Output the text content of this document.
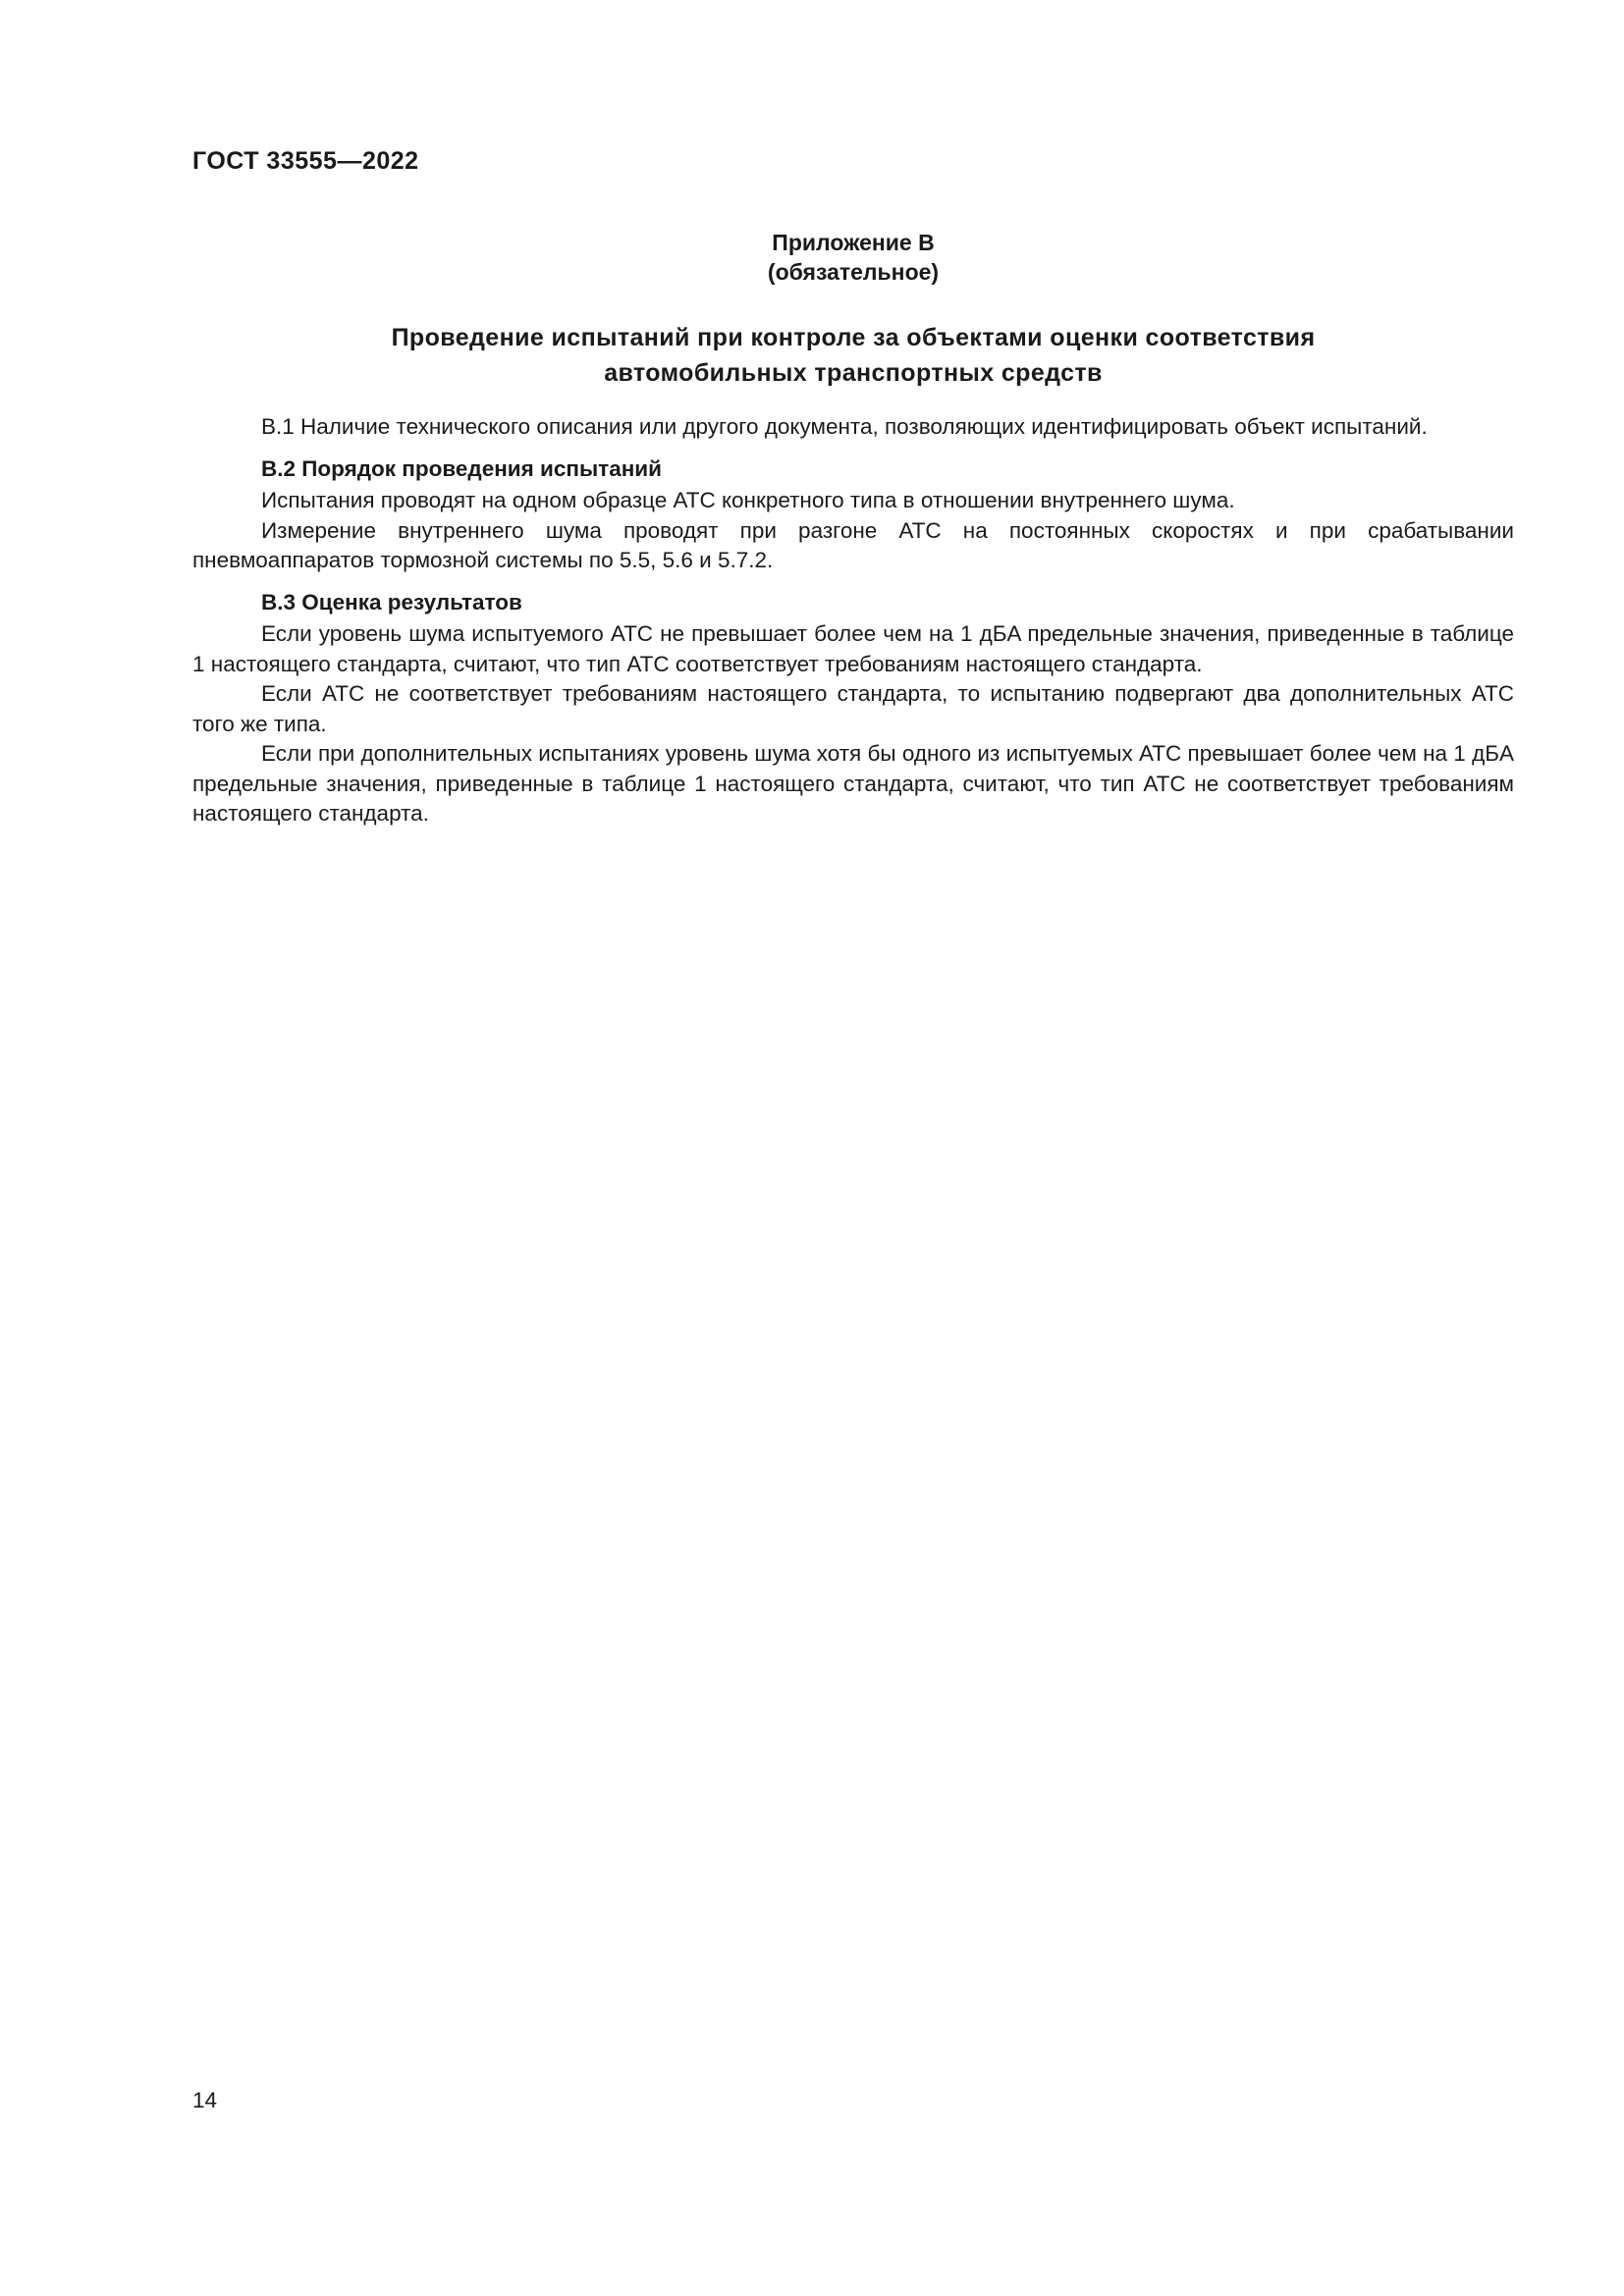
ГОСТ 33555—2022
Приложение В
(обязательное)
Проведение испытаний при контроле за объектами оценки соответствия
автомобильных транспортных средств

В.1 Наличие технического описания или другого документа, позволяющих идентифицировать объект испытаний.

В.2 Порядок проведения испытаний

Испытания проводят на одном образце АТС конкретного типа в отношении внутреннего шума.

Измерение внутреннего шума проводят при разгоне АТС на постоянных скоростях и при срабатывании пневмоаппаратов тормозной системы по 5.5, 5.6 и 5.7.2.

В.3 Оценка результатов

Если уровень шума испытуемого АТС не превышает более чем на 1 дБA предельные значения, приведенные в таблице 1 настоящего стандарта, считают, что тип АТС соответствует требованиям настоящего стандарта.

Если АТС не соответствует требованиям настоящего стандарта, то испытанию подвергают два дополнительных АТС того же типа.

Если при дополнительных испытаниях уровень шума хотя бы одного из испытуемых АТС превышает более чем на 1 дБA предельные значения, приведенные в таблице 1 настоящего стандарта, считают, что тип АТС не соответствует требованиям настоящего стандарта.

14
